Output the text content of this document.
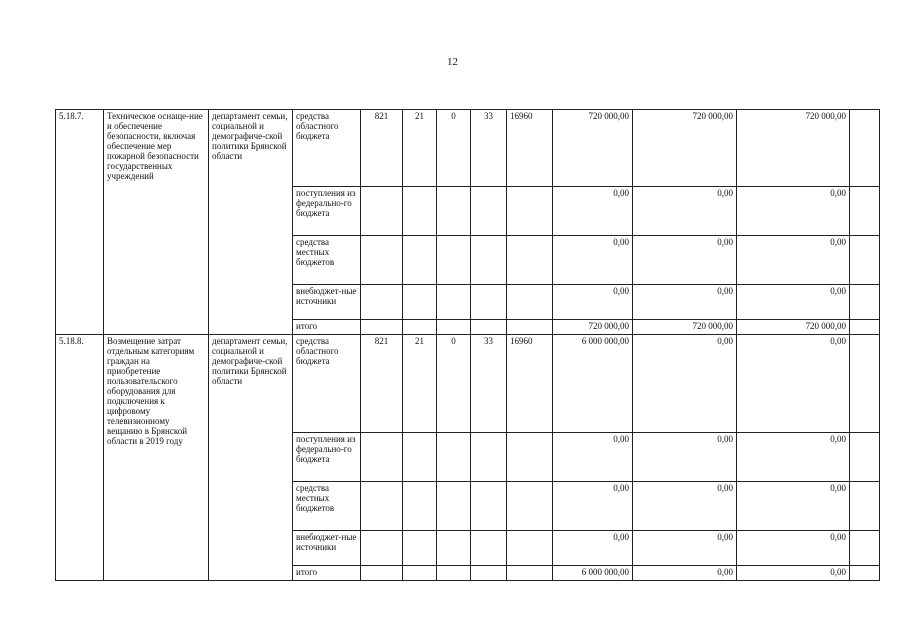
12
5.18.7.	Техническое оснаще-ние и обеспечение безопасности, включая обеспечение мер пожарной безопасности государственных учреждений	департамент семьи, социальной и демографиче-ской политики Брянской области	средства областного бюджета	821	21	0	33	16960	720 000,00	720 000,00	720 000,00	
			поступления из федерально-го бюджета						0,00	0,00	0,00	
			средства местных бюджетов						0,00	0,00	0,00	
			внебюджет-ные источники						0,00	0,00	0,00	
			итого						720 000,00	720 000,00	720 000,00	
5.18.8.	Возмещение затрат отдельным категориям граждан на приобретение пользовательского оборудования для подключения к цифровому телевизионному вещанию в Брянской области в 2019 году	департамент семьи, социальной и демографиче-ской политики Брянской области	средства областного бюджета	821	21	0	33	16960	6 000 000,00	0,00	0,00	
			поступления из федерально-го бюджета						0,00	0,00	0,00	
			средства местных бюджетов						0,00	0,00	0,00	
			внебюджет-ные источники						0,00	0,00	0,00	
			итого						6 000 000,00	0,00	0,00	
